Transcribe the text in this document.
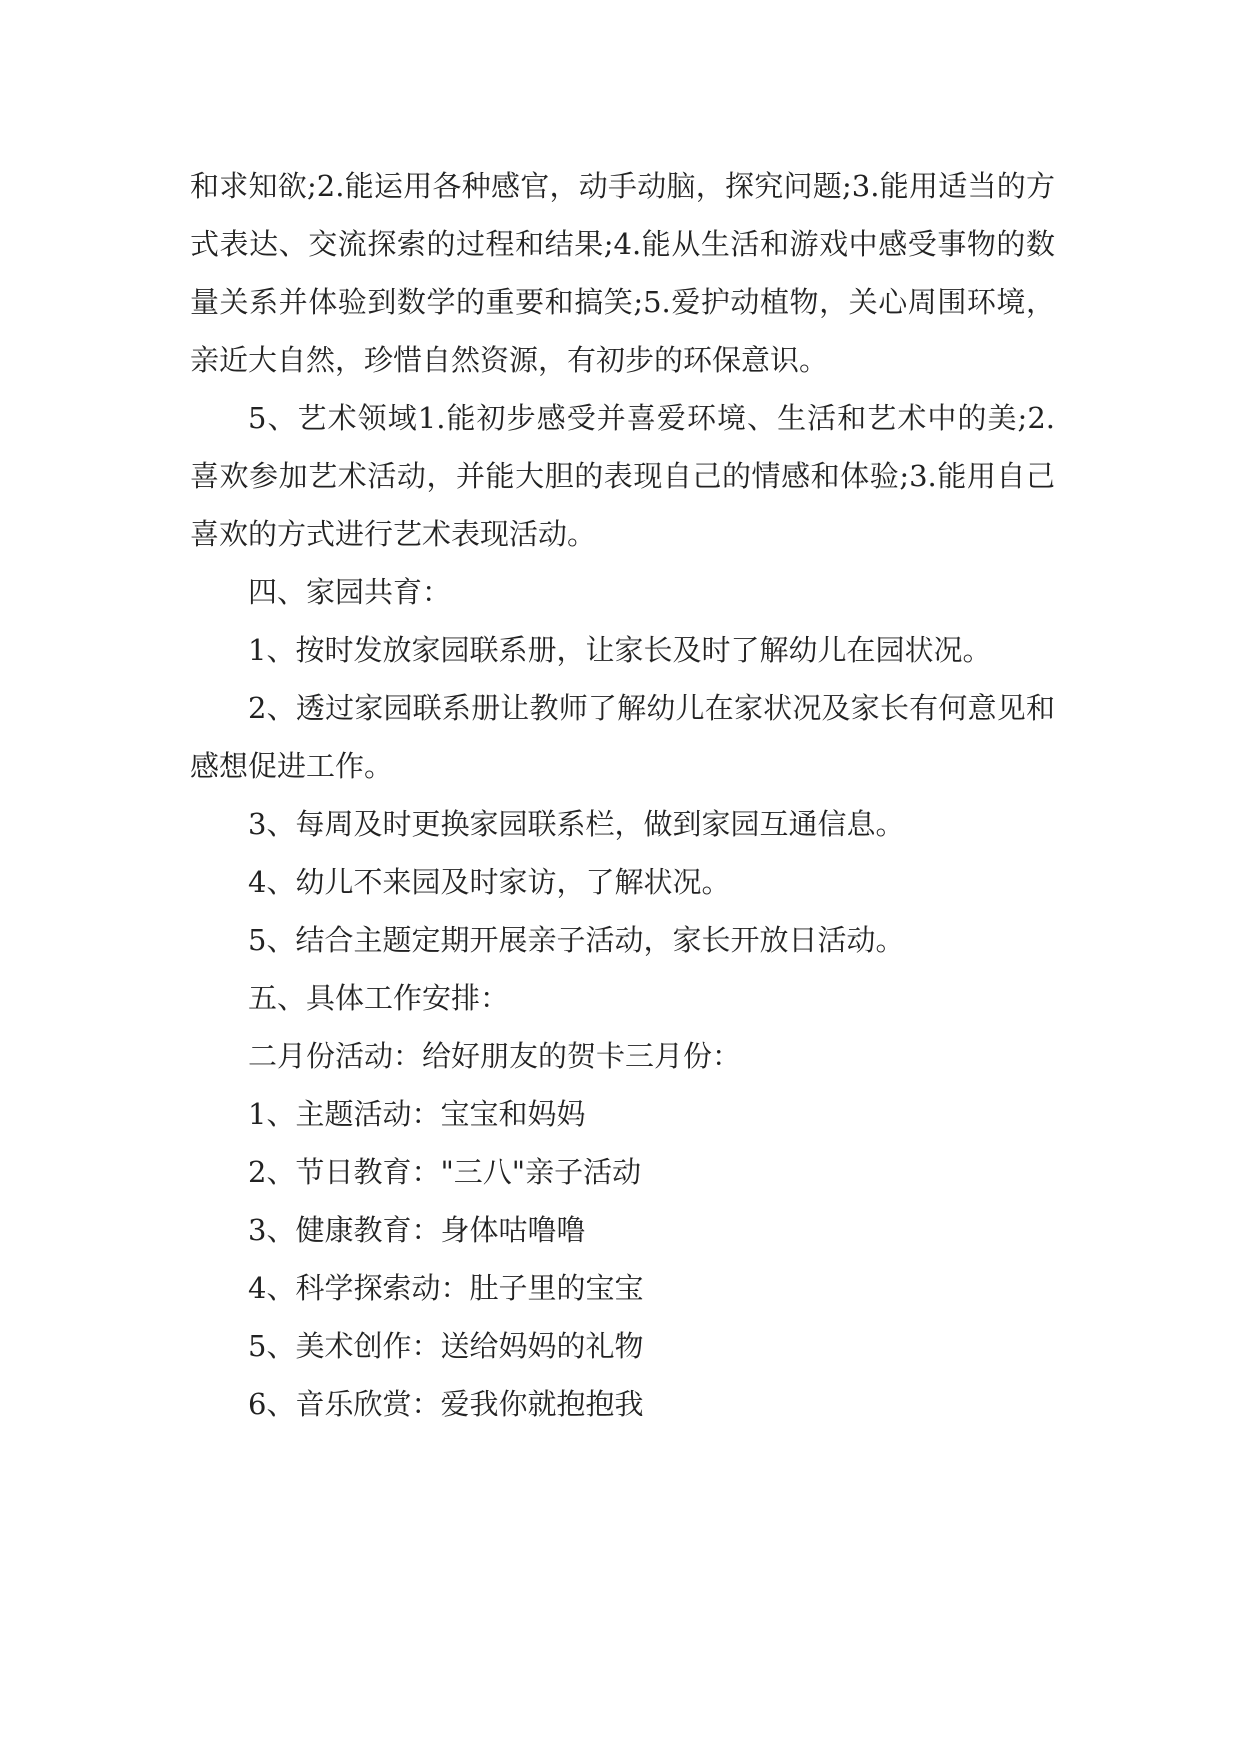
和求知欲;2.能运用各种感官，动手动脑，探究问题;3.能用适当的方式表达、交流探索的过程和结果;4.能从生活和游戏中感受事物的数量关系并体验到数学的重要和搞笑;5.爱护动植物，关心周围环境，亲近大自然，珍惜自然资源，有初步的环保意识。

5、艺术领域1.能初步感受并喜爱环境、生活和艺术中的美;2.喜欢参加艺术活动，并能大胆的表现自己的情感和体验;3.能用自己喜欢的方式进行艺术表现活动。

四、家园共育：

1、按时发放家园联系册，让家长及时了解幼儿在园状况。

2、透过家园联系册让教师了解幼儿在家状况及家长有何意见和感想促进工作。

3、每周及时更换家园联系栏，做到家园互通信息。

4、幼儿不来园及时家访，了解状况。

5、结合主题定期开展亲子活动，家长开放日活动。

五、具体工作安排：

二月份活动：给好朋友的贺卡三月份：

1、主题活动：宝宝和妈妈

2、节日教育："三八"亲子活动

3、健康教育：身体咕噜噜

4、科学探索动：肚子里的宝宝

5、美术创作：送给妈妈的礼物

6、音乐欣赏：爱我你就抱抱我
